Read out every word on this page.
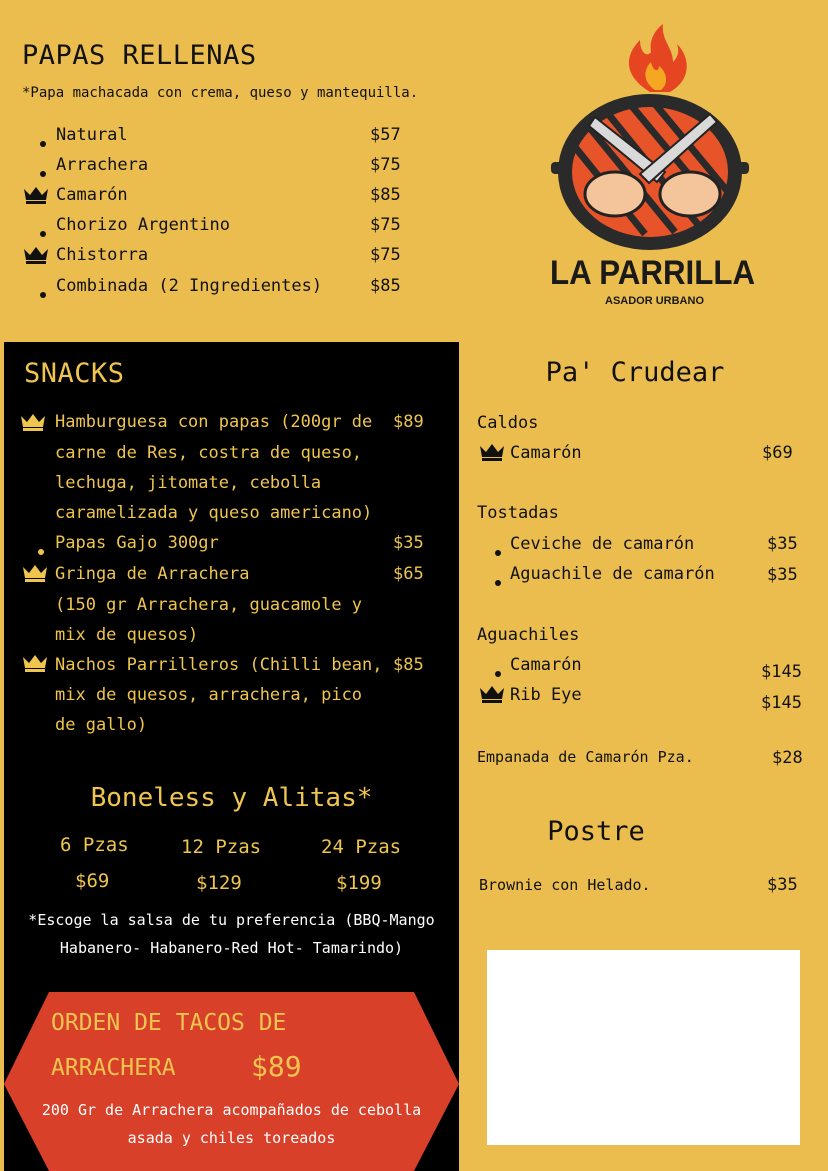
PAPAS RELLENAS
*Papa machacada con crema, queso y mantequilla.
Natural	$57
Arrachera	$75
Camarón	$85
Chorizo Argentino	$75
Chistorra	$75
Combinada (2 Ingredientes)	$85	LA PARRILLA
ASADOR URBANO
SNACKS
Hamburguesa con papas (200gr de
carne de Res, costra de queso,
lechuga, jitomate, cebolla
caramelizada y queso americano)
$89
Papas Gajo 300gr	$35
Gringa de Arrachera
(150 gr Arrachera, guacamole y
mix de quesos)
$65
Nachos Parrilleros (Chilli bean,
mix de quesos, arrachera, pico
de gallo)
$85
Boneless y Alitas*
6 Pzas	12 Pzas	24 Pzas
$69	$129	$199
*Escoge la salsa de tu preferencia (BBQ-Mango
Habanero- Habanero-Red Hot- Tamarindo)
ORDEN DE TACOS DE
ARRACHERA	$89
200 Gr de Arrachera acompañados de cebolla
asada y chiles toreados
Pa' Crudear
Caldos
Camarón	$69
Tostadas
Ceviche de camarón	$35
Aguachile de camarón	$35
Aguachiles
Camarón	$145
Rib Eye	$145
Empanada de Camarón Pza.	$28
Postre
Brownie con Helado.	$35
